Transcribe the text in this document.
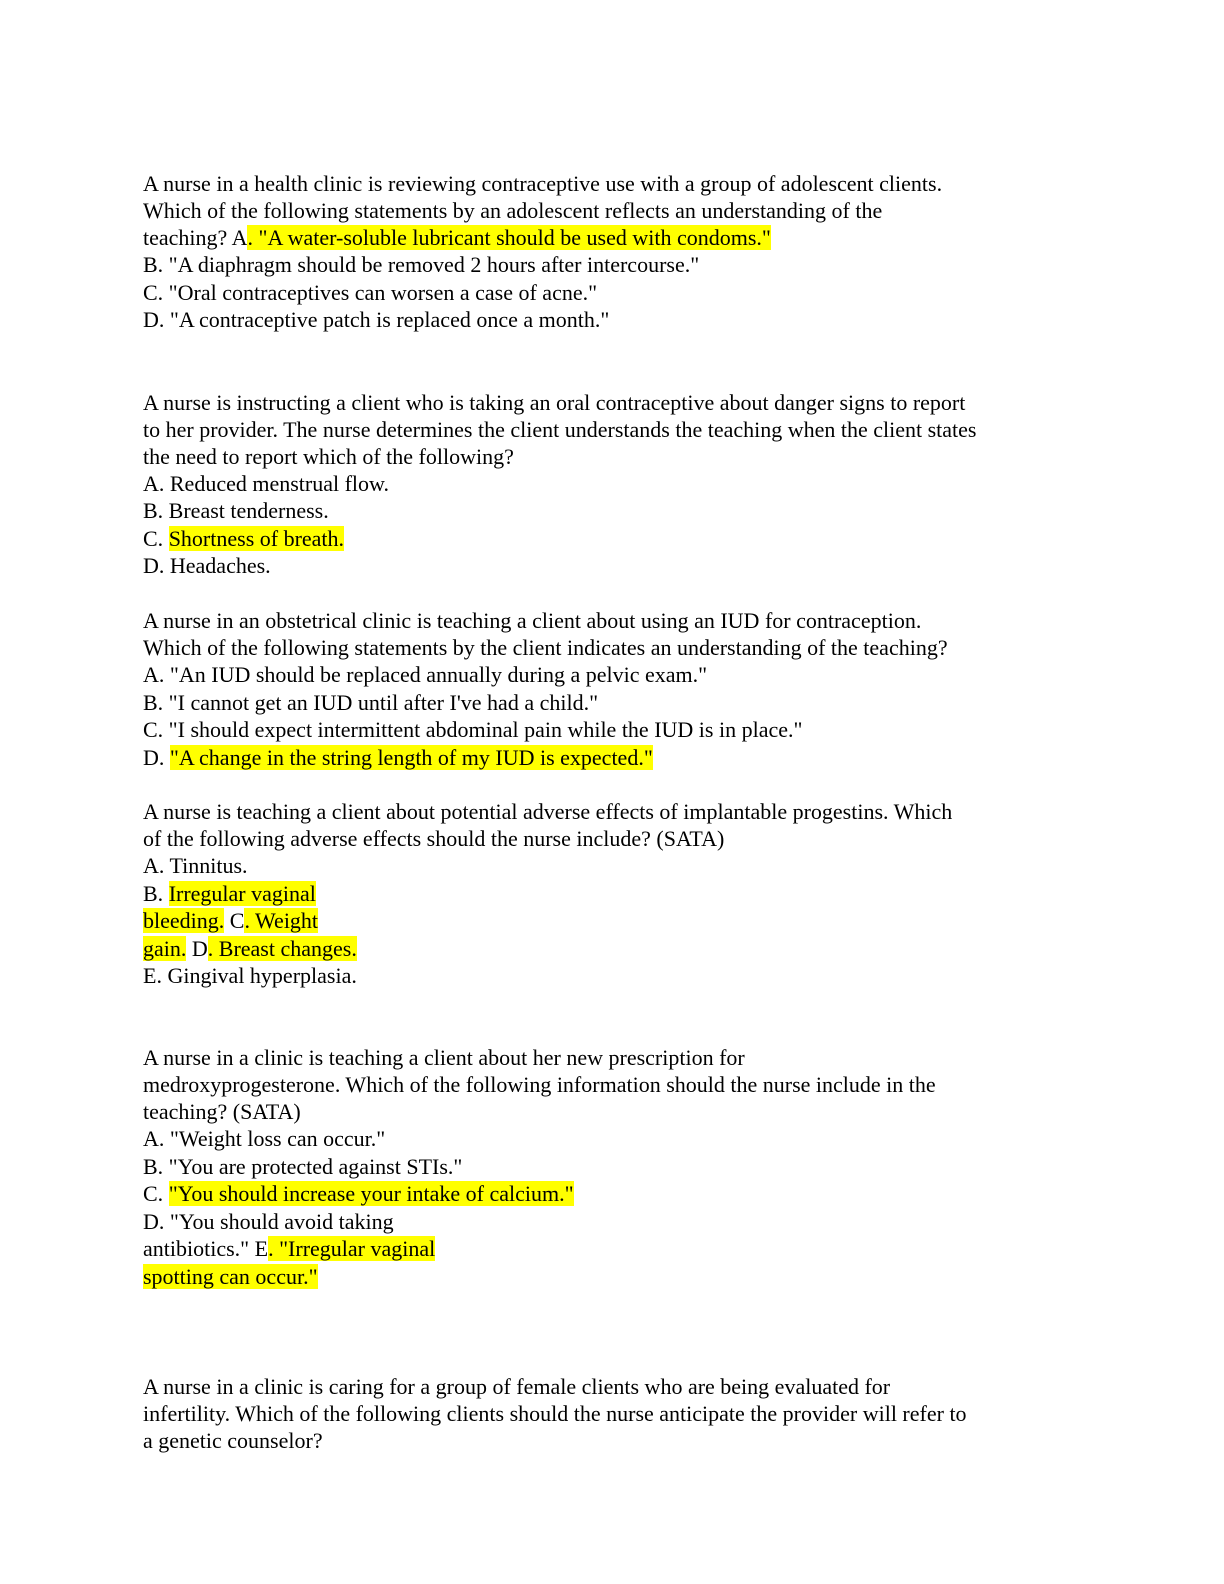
A nurse in a health clinic is reviewing contraceptive use with a group of adolescent clients.
Which of the following statements by an adolescent reflects an understanding of the
teaching? A. "A water-soluble lubricant should be used with condoms."
B. "A diaphragm should be removed 2 hours after intercourse."
C. "Oral contraceptives can worsen a case of acne."
D. "A contraceptive patch is replaced once a month."
A nurse is instructing a client who is taking an oral contraceptive about danger signs to report
to her provider. The nurse determines the client understands the teaching when the client states
the need to report which of the following?
A. Reduced menstrual flow.
B. Breast tenderness.
C. Shortness of breath.
D. Headaches.
A nurse in an obstetrical clinic is teaching a client about using an IUD for contraception.
Which of the following statements by the client indicates an understanding of the teaching?
A. "An IUD should be replaced annually during a pelvic exam."
B. "I cannot get an IUD until after I've had a child."
C. "I should expect intermittent abdominal pain while the IUD is in place."
D. "A change in the string length of my IUD is expected."
A nurse is teaching a client about potential adverse effects of implantable progestins. Which
of the following adverse effects should the nurse include? (SATA)
A. Tinnitus.
B. Irregular vaginal
bleeding. C. Weight
gain. D. Breast changes.
E. Gingival hyperplasia.
A nurse in a clinic is teaching a client about her new prescription for
medroxyprogesterone. Which of the following information should the nurse include in the
teaching? (SATA)
A. "Weight loss can occur."
B. "You are protected against STIs."
C. "You should increase your intake of calcium."
D. "You should avoid taking
antibiotics." E. "Irregular vaginal
spotting can occur."
A nurse in a clinic is caring for a group of female clients who are being evaluated for
infertility. Which of the following clients should the nurse anticipate the provider will refer to
a genetic counselor?
